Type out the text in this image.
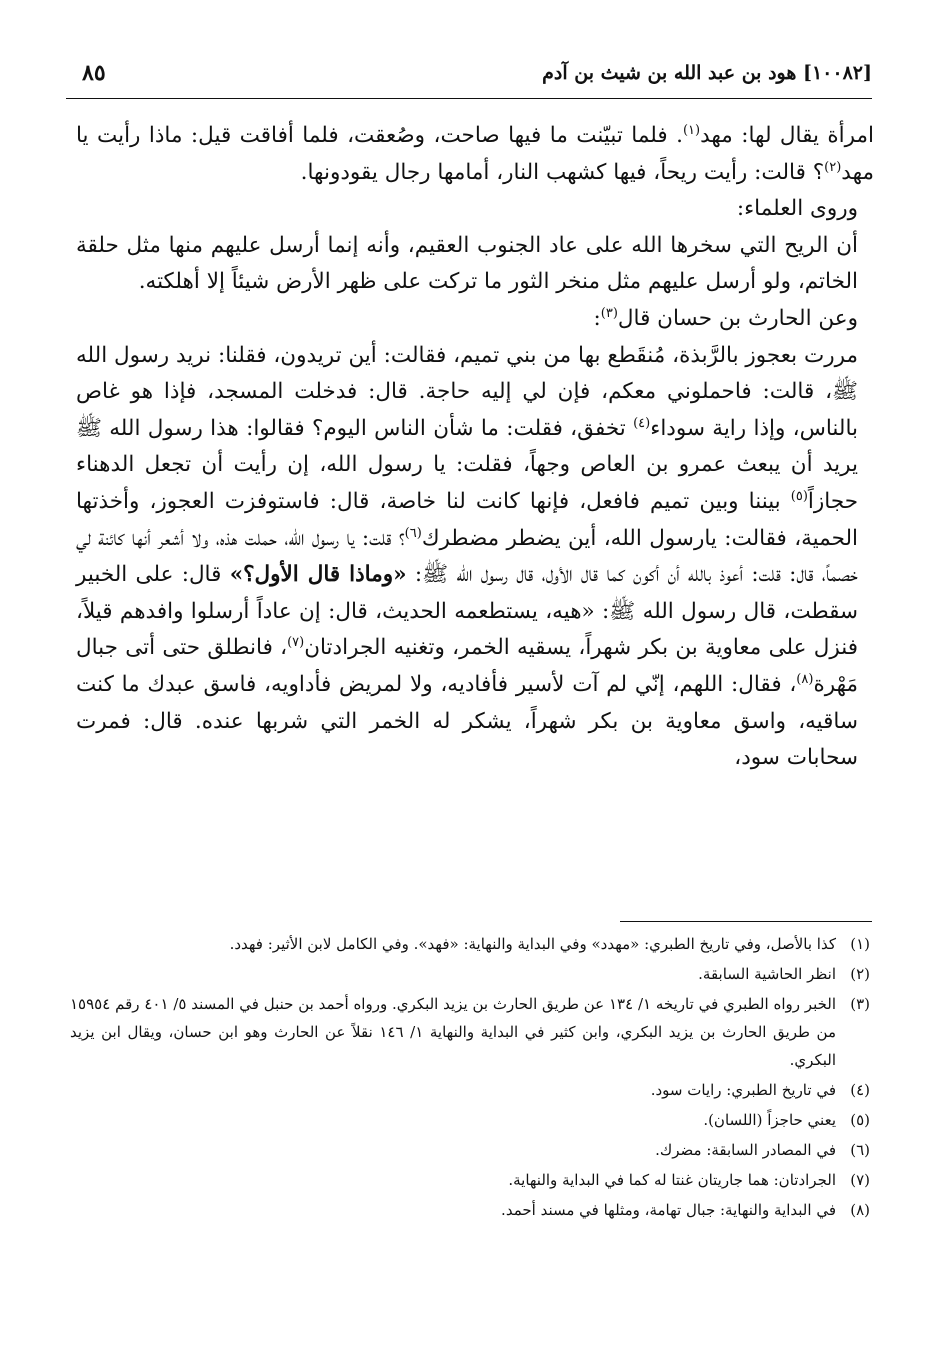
٨٥	[١٠٠٨٢] هود بن عبد الله بن شيث بن آدم

امرأة يقال لها: مهد$^{(١)}$. فلما تبيّنت ما فيها صاحت، وصُعقت، فلما أفاقت قيل: ماذا رأيت يا مهد$^{(٢)}$؟ قالت: رأيت ريحاً، فيها كشهب النار، أمامها رجال يقودونها.

وروى العلماء:

أن الريح التي سخرها الله على عاد الجنوب العقيم، وأنه إنما أرسل عليهم منها مثل حلقة الخاتم، ولو أرسل عليهم مثل منخر الثور ما تركت على ظهر الأرض شيئاً إلا أهلكته.

وعن الحارث بن حسان قال$^{(٣)}$:

مررت بعجوز بالرَّبذة، مُنقَطع بها من بني تميم، فقالت: أين تريدون، فقلنا: نريد رسول الله ﷺ، قالت: فاحملوني معكم، فإن لي إليه حاجة. قال: فدخلت المسجد، فإذا هو غاص بالناس، وإذا راية سوداء$^{(٤)}$ تخفق، فقلت: ما شأن الناس اليوم؟ فقالوا: هذا رسول الله ﷺ يريد أن يبعث عمرو بن العاص وجهاً، فقلت: يا رسول الله، إن رأيت أن تجعل الدهناء حجازاً$^{(٥)}$ بيننا وبين تميم فافعل، فإنها كانت لنا خاصة، قال: فاستوفزت العجوز، وأخذتها الحمية، فقالت: يارسول الله، أين يضطر مضطرك$^{(٦)}$؟ قلت: يا رسول الله، حملت هذه، ولا أشعر أنها كائنة لي خصماً، قال: قلت: أعوذ بالله أن أكون كما قال الأول، قال رسول الله ﷺ: «وماذا قال الأول؟» قال: على الخبير سقطت، قال رسول الله ﷺ: «هيه، يستطعمه الحديث، قال: إن عاداً أرسلوا وافدهم قيلاً، فنزل على معاوية بن بكر شهراً، يسقيه الخمر، وتغنيه الجرادتان$^{(٧)}$، فانطلق حتى أتى جبال مَهْرة$^{(٨)}$، فقال: اللهم، إنّي لم آت لأسير فأفاديه، ولا لمريض فأداويه، فاسق عبدك ما كنت ساقيه، واسق معاوية بن بكر شهراً، يشكر له الخمر التي شربها عنده. قال: فمرت سحابات سود،

(١)
كذا بالأصل، وفي تاريخ الطبري: «مهدد» وفي البداية والنهاية: «فهد». وفي الكامل لابن الأثير: فهدد.
(٢)
انظر الحاشية السابقة.
(٣)
الخبر رواه الطبري في تاريخه ١/ ١٣٤ عن طريق الحارث بن يزيد البكري. ورواه أحمد بن حنبل في المسند ٥/ ٤٠١ رقم ١٥٩٥٤ من طريق الحارث بن يزيد البكري، وابن كثير في البداية والنهاية ١/ ١٤٦ نقلاً عن الحارث وهو ابن حسان، ويقال ابن يزيد البكري.
(٤)
في تاريخ الطبري: رايات سود.
(٥)
يعني حاجزاً (اللسان).
(٦)
في المصادر السابقة: مضرك.
(٧)
الجرادتان: هما جاريتان غنتا له كما في البداية والنهاية.
(٨)
في البداية والنهاية: جبال تهامة، ومثلها في مسند أحمد.
